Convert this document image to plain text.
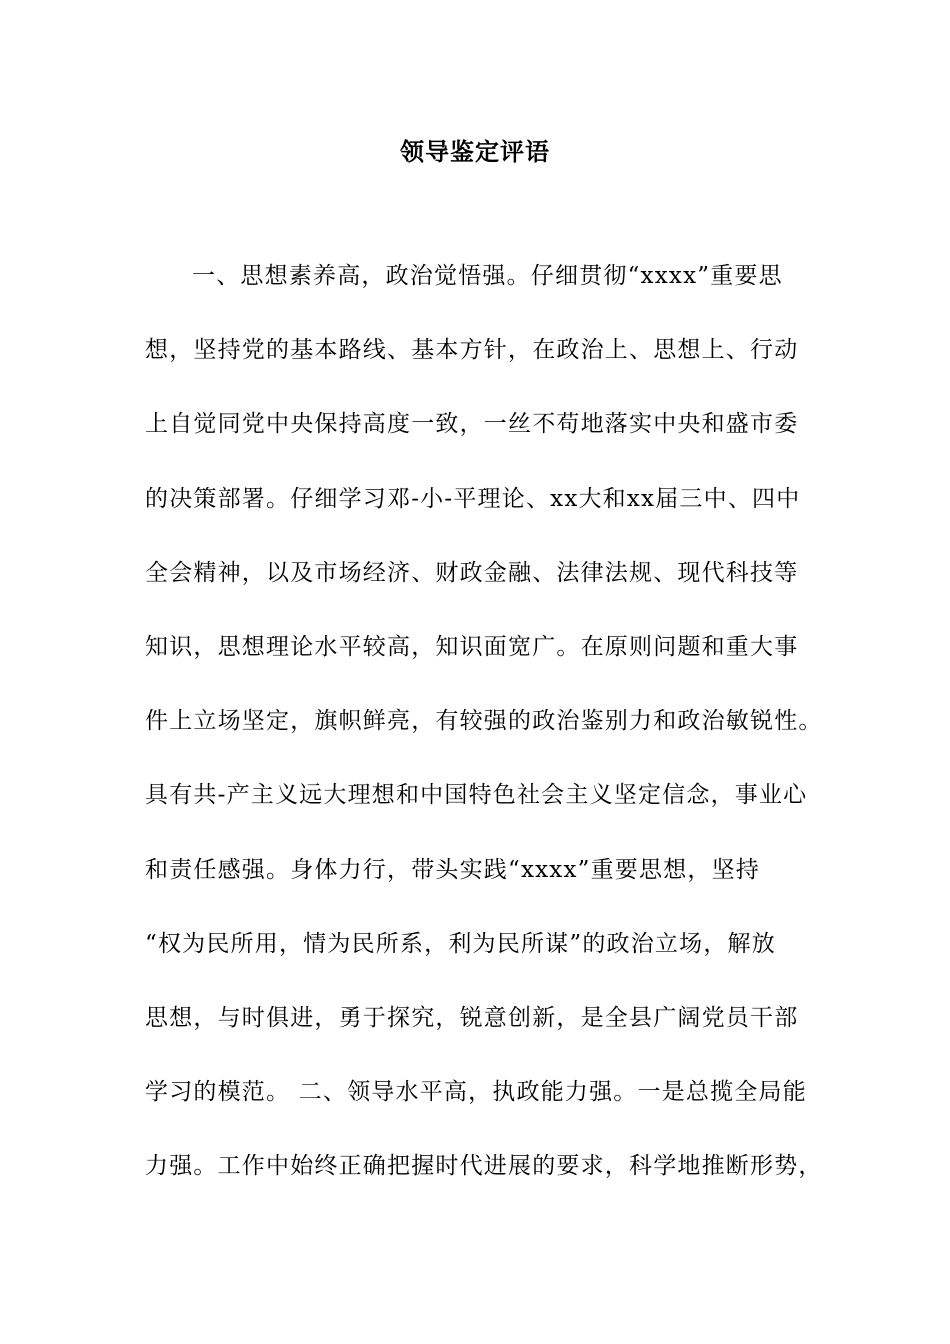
领导鉴定评语
一、思想素养高，政治觉悟强。仔细贯彻“xxxx”重要思
想，坚持党的基本路线、基本方针，在政治上、思想上、行动
上自觉同党中央保持高度一致，一丝不苟地落实中央和盛市委
的决策部署。仔细学习邓-小-平理论、xx大和xx届三中、四中
全会精神，以及市场经济、财政金融、法律法规、现代科技等
知识，思想理论水平较高，知识面宽广。在原则问题和重大事
件上立场坚定，旗帜鲜亮，有较强的政治鉴别力和政治敏锐性。
具有共-产主义远大理想和中国特色社会主义坚定信念，事业心
和责任感强。身体力行，带头实践“xxxx”重要思想，坚持
“权为民所用，情为民所系，利为民所谋”的政治立场，解放
思想，与时俱进，勇于探究，锐意创新，是全县广阔党员干部
学习的模范。 二、领导水平高，执政能力强。一是总揽全局能
力强。工作中始终正确把握时代进展的要求，科学地推断形势，
